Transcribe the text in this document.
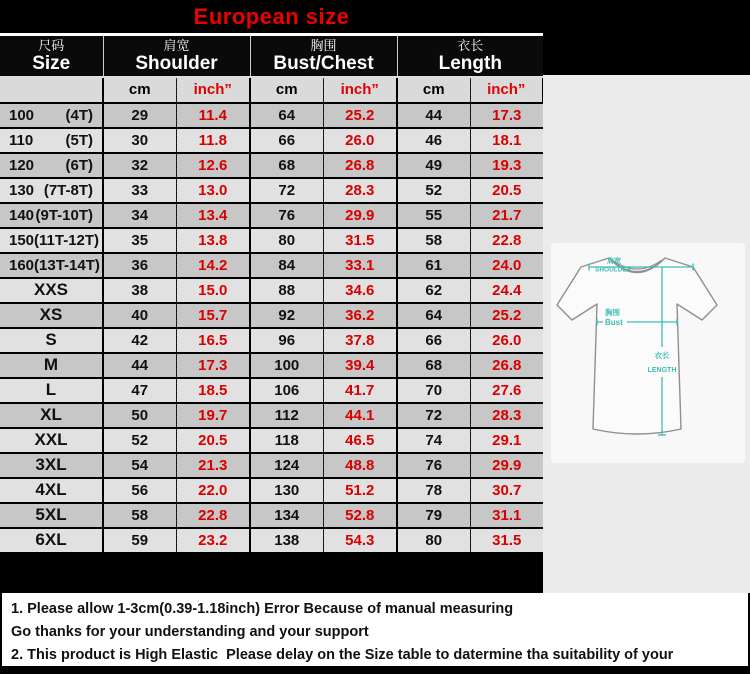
European size
尺码
Size

肩宽
Shoulder

胸围
Bust/Chest

衣长
Length

	cm	inch”	cm	inch”	cm	inch”

100 (4T)	29	11.4	64	25.2	44	17.3

110 (5T)	30	11.8	66	26.0	46	18.1

120 (6T)	32	12.6	68	26.8	49	19.3

130 (7T-8T)	33	13.0	72	28.3	52	20.5

140 (9T-10T)	34	13.4	76	29.9	55	21.7

150 (11T-12T)	35	13.8	80	31.5	58	22.8

160 (13T-14T)	36	14.2	84	33.1	61	24.0

XXS	38	15.0	88	34.6	62	24.4

XS	40	15.7	92	36.2	64	25.2

S	42	16.5	96	37.8	66	26.0

M	44	17.3	100	39.4	68	26.8

L	47	18.5	106	41.7	70	27.6

XL	50	19.7	112	44.1	72	28.3

XXL	52	20.5	118	46.5	74	29.1

3XL	54	21.3	124	48.8	76	29.9

4XL	56	22.0	130	51.2	78	30.7

5XL	58	22.8	134	52.8	79	31.1

6XL	59	23.2	138	54.3	80	31.5
肩宽
SHOULDER
胸围
Bust
衣长
LENGTH
1. Please allow 1-3cm(0.39-1.18inch) Error Because of manual measuring
Go thanks for your understanding and your support
2. This product is High Elastic  Please delay on the Size table to datermine tha suitability of your
